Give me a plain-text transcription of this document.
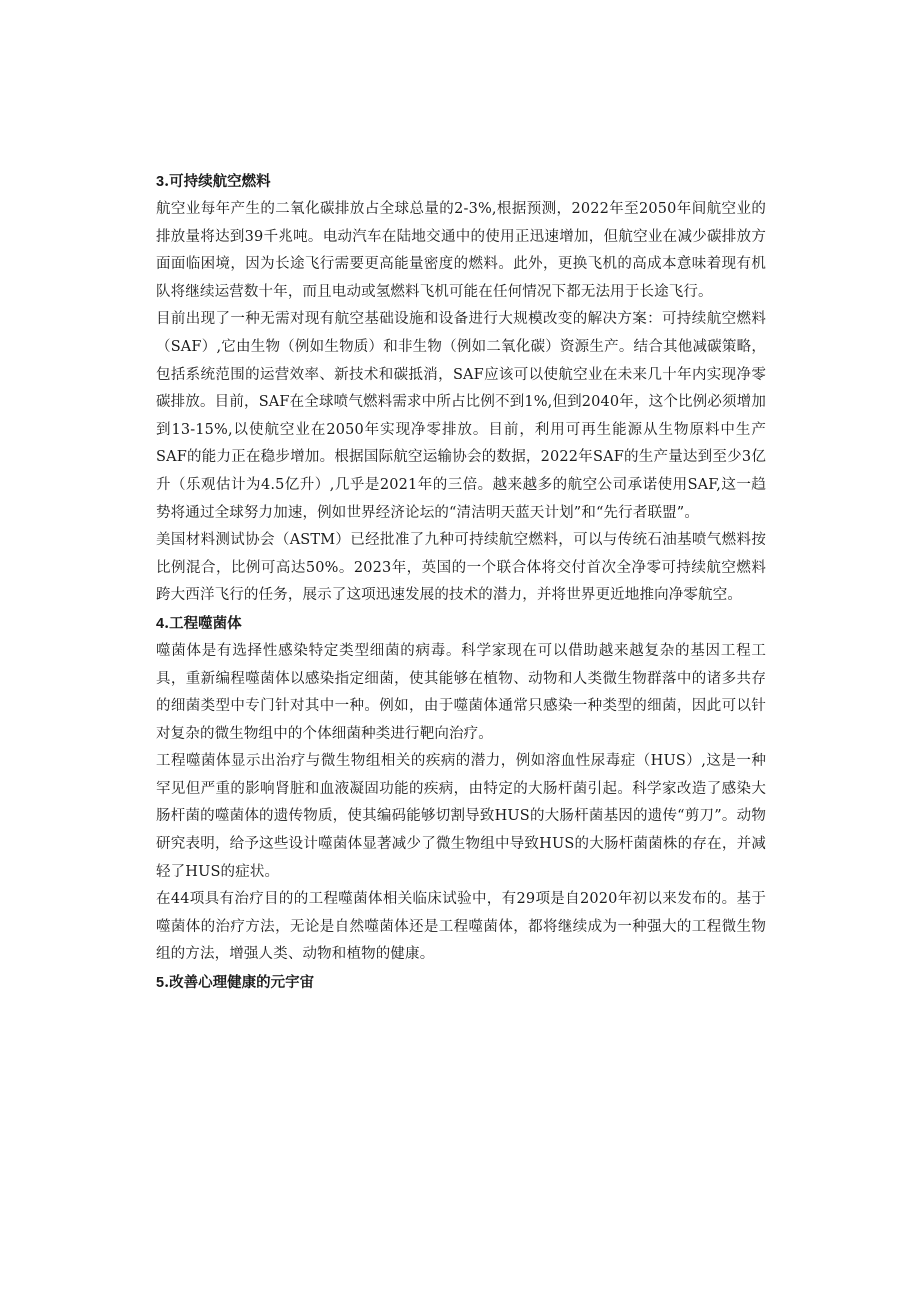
3.可持续航空燃料

航空业每年产生的二氧化碳排放占全球总量的2-3%,根据预测，2022年至2050年间航空业的排放量将达到39千兆吨。电动汽车在陆地交通中的使用正迅速增加，但航空业在减少碳排放方面面临困境，因为长途飞行需要更高能量密度的燃料。此外，更换飞机的高成本意味着现有机队将继续运营数十年，而且电动或氢燃料飞机可能在任何情况下都无法用于长途飞行。

目前出现了一种无需对现有航空基础设施和设备进行大规模改变的解决方案：可持续航空燃料（SAF）,它由生物（例如生物质）和非生物（例如二氧化碳）资源生产。结合其他减碳策略，包括系统范围的运营效率、新技术和碳抵消，SAF应该可以使航空业在未来几十年内实现净零碳排放。目前，SAF在全球喷气燃料需求中所占比例不到1%,但到2040年，这个比例必须增加到13-15%,以使航空业在2050年实现净零排放。目前，利用可再生能源从生物原料中生产SAF的能力正在稳步增加。根据国际航空运输协会的数据，2022年SAF的生产量达到至少3亿升（乐观估计为4.5亿升）,几乎是2021年的三倍。越来越多的航空公司承诺使用SAF,这一趋势将通过全球努力加速，例如世界经济论坛的“清洁明天蓝天计划”和“先行者联盟”。

美国材料测试协会（ASTM）已经批准了九种可持续航空燃料，可以与传统石油基喷气燃料按比例混合，比例可高达50%。2023年，英国的一个联合体将交付首次全净零可持续航空燃料跨大西洋飞行的任务，展示了这项迅速发展的技术的潜力，并将世界更近地推向净零航空。

4.工程噬菌体

噬菌体是有选择性感染特定类型细菌的病毒。科学家现在可以借助越来越复杂的基因工程工具，重新编程噬菌体以感染指定细菌，使其能够在植物、动物和人类微生物群落中的诸多共存的细菌类型中专门针对其中一种。例如，由于噬菌体通常只感染一种类型的细菌，因此可以针对复杂的微生物组中的个体细菌种类进行靶向治疗。

工程噬菌体显示出治疗与微生物组相关的疾病的潜力，例如溶血性尿毒症（HUS）,这是一种罕见但严重的影响肾脏和血液凝固功能的疾病，由特定的大肠杆菌引起。科学家改造了感染大肠杆菌的噬菌体的遗传物质，使其编码能够切割导致HUS的大肠杆菌基因的遗传“剪刀”。动物研究表明，给予这些设计噬菌体显著减少了微生物组中导致HUS的大肠杆菌菌株的存在，并减轻了HUS的症状。

在44项具有治疗目的的工程噬菌体相关临床试验中，有29项是自2020年初以来发布的。基于噬菌体的治疗方法，无论是自然噬菌体还是工程噬菌体，都将继续成为一种强大的工程微生物组的方法，增强人类、动物和植物的健康。

5.改善心理健康的元宇宙
